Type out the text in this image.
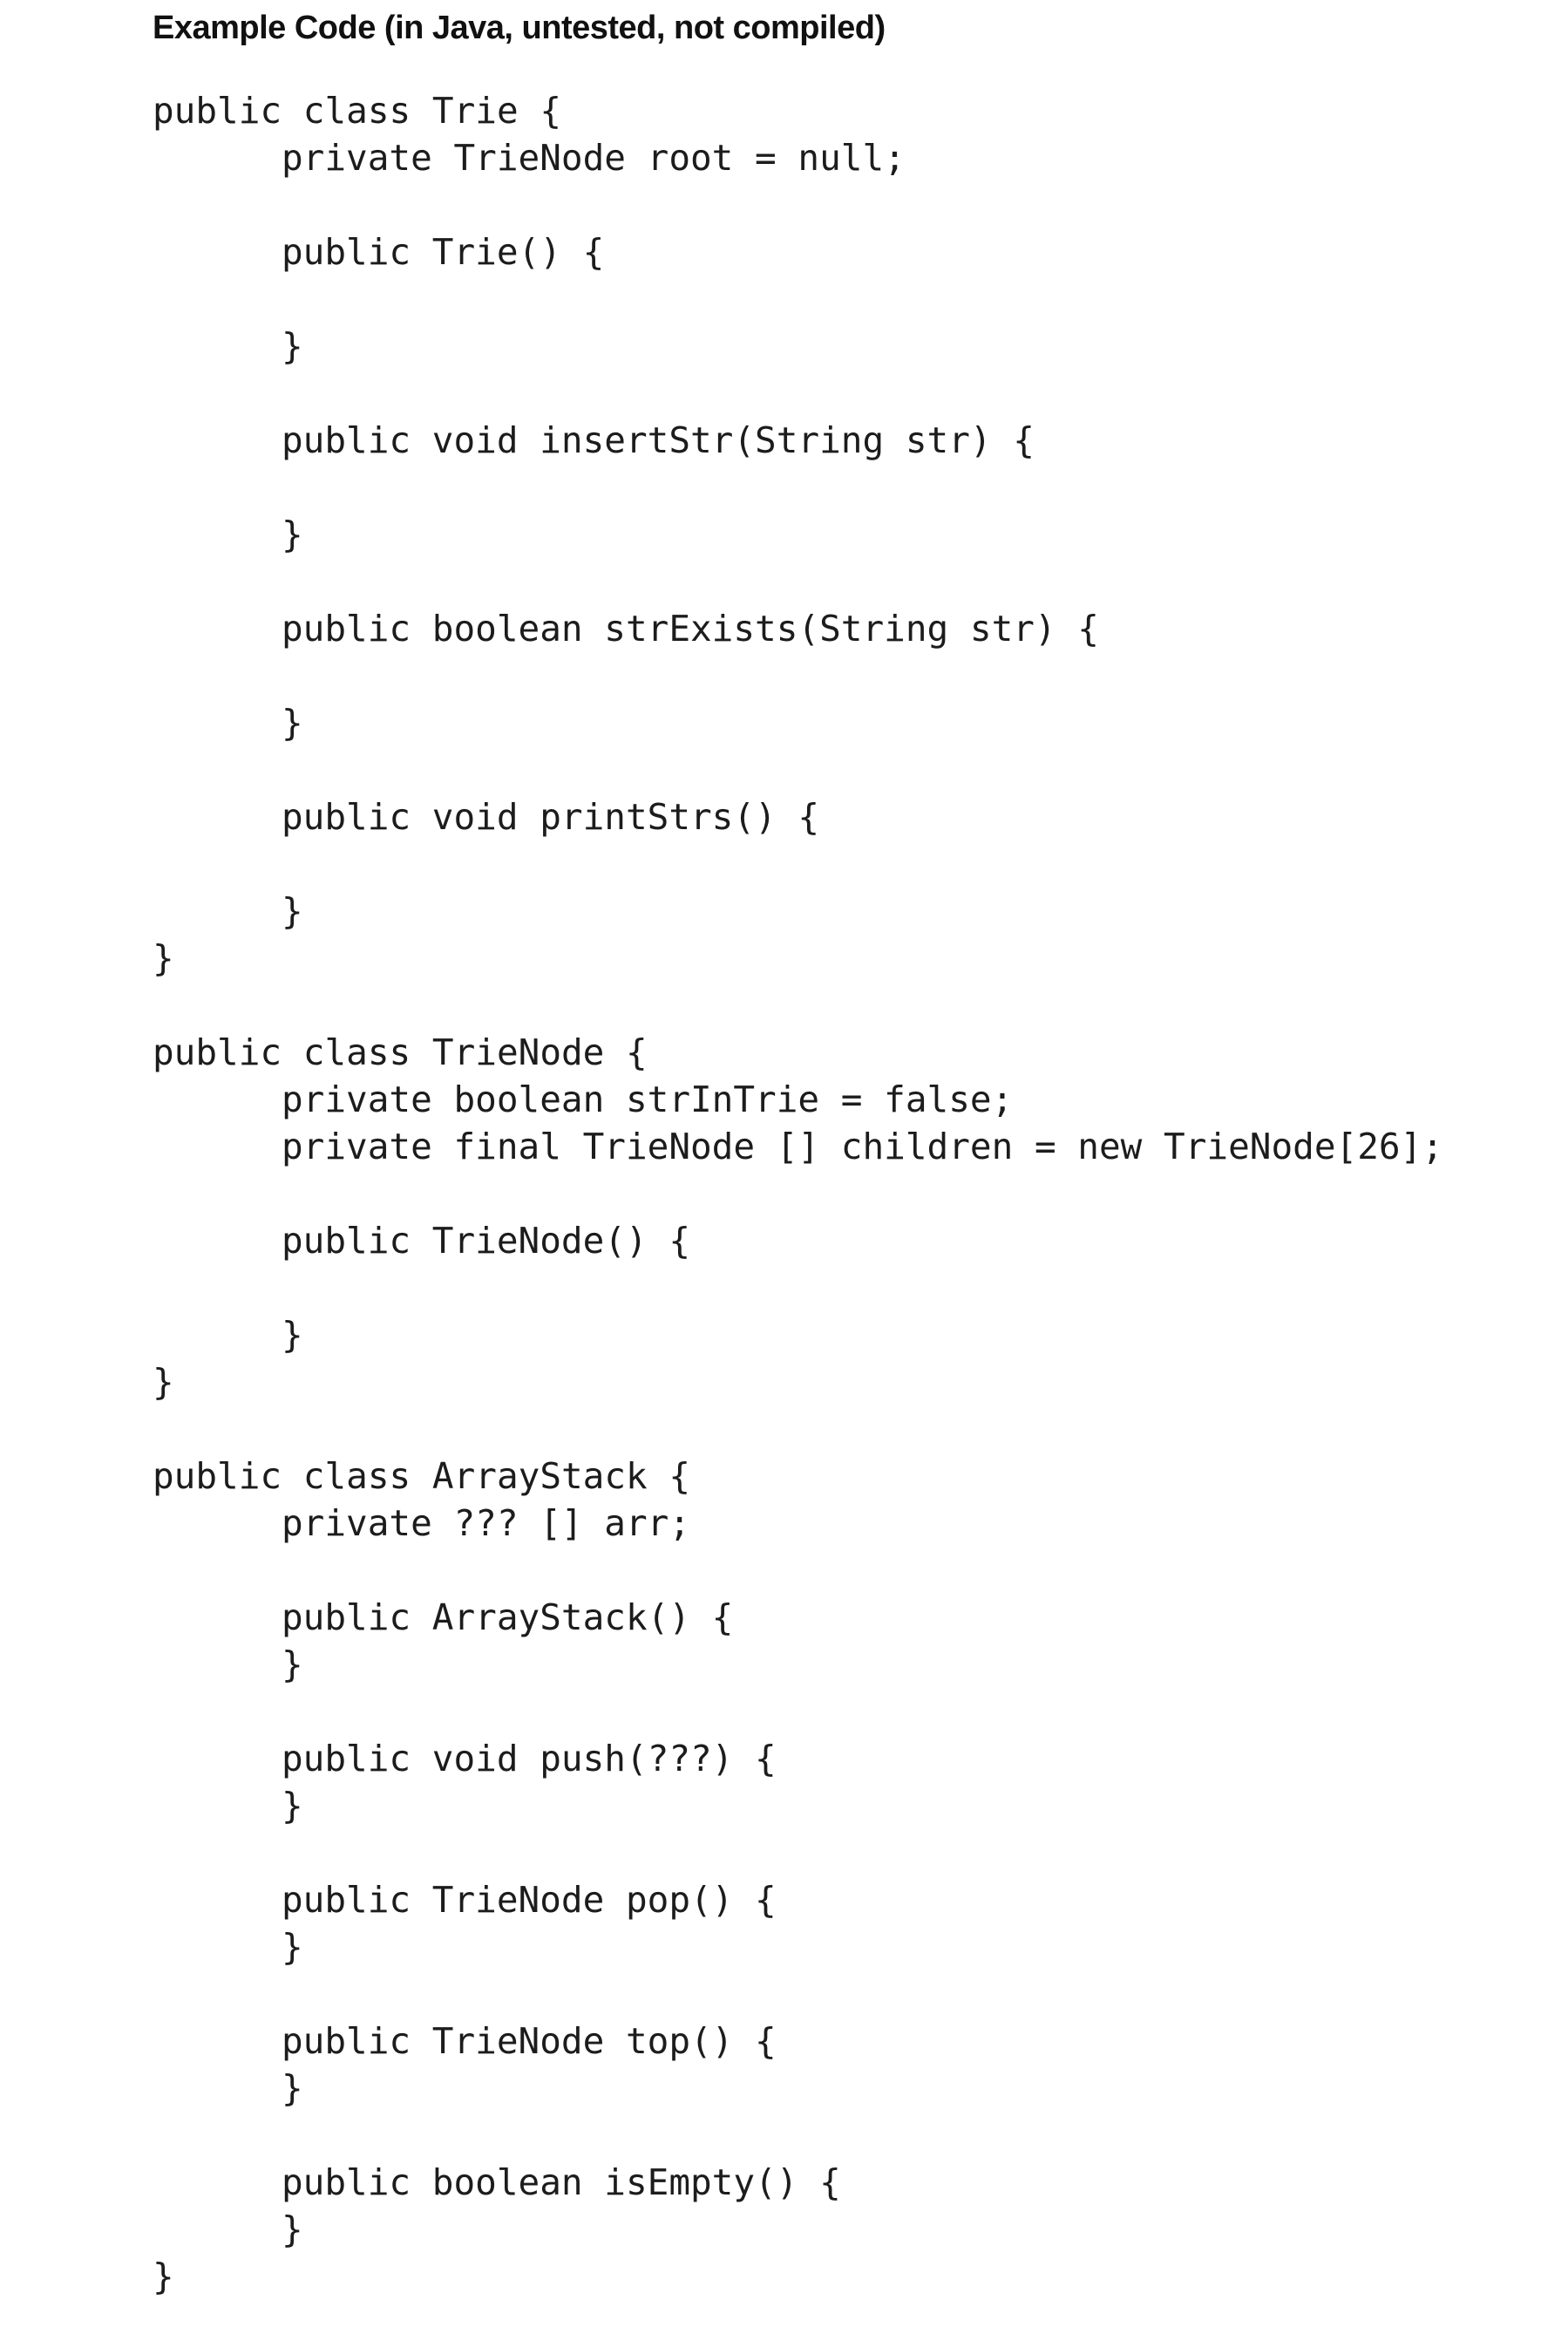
Example Code (in Java, untested, not compiled)
public class Trie {
private TrieNode root = null;

public Trie() {

}

public void insertStr(String str) {

}

public boolean strExists(String str) {

}

public void printStrs() {

}
}

public class TrieNode {
private boolean strInTrie = false;
private final TrieNode [] children = new TrieNode[26];

public TrieNode() {

}
}

public class ArrayStack {
private ??? [] arr;

public ArrayStack() {
}

public void push(???) {
}

public TrieNode pop() {
}

public TrieNode top() {
}

public boolean isEmpty() {
}
}
